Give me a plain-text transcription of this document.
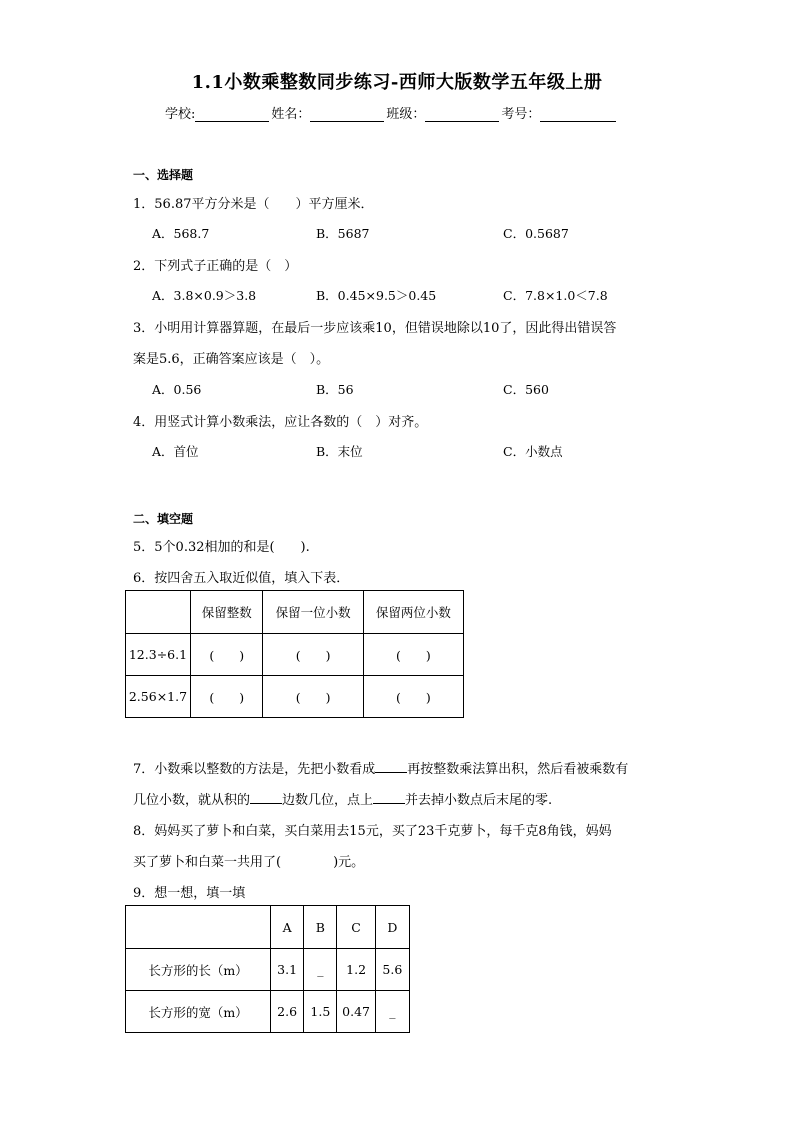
1.1小数乘整数同步练习-西师大版数学五年级上册
学校:	姓名：	班级：	考号：
一、选择题
1．56.87平方分米是（　　）平方厘米．
A．568.7	B．5687	C．0.5687
2．下列式子正确的是（　）
A．3.8×0.9＞3.8	B．0.45×9.5＞0.45	C．7.8×1.0＜7.8
3．小明用计算器算题，在最后一步应该乘10，但错误地除以10了，因此得出错误答
案是5.6，正确答案应该是（　）。
A．0.56	B．56	C．560
4．用竖式计算小数乘法，应让各数的（　）对齐。
A．首位	B．末位	C．小数点
二、填空题
5．5个0.32相加的和是(　　).
6．按四舍五入取近似值，填入下表．
	保留整数	保留一位小数	保留两位小数
12.3÷6.1	(　　)	(　　)	(　　)
2.56×1.7	(　　)	(　　)	(　　)
7．小数乘以整数的方法是，先把小数看成 再按整数乘法算出积，然后看被乘数有
几位小数，就从积的 边数几位，点上 并去掉小数点后末尾的零.
8．妈妈买了萝卜和白菜，买白菜用去15元，买了23千克萝卜，每千克8角钱，妈妈
买了萝卜和白菜一共用了(　　　　)元。
9．想一想，填一填
	A	B	C	D
长方形的长（m）	3.1	_	1.2	5.6
长方形的宽（m）	2.6	1.5	0.47	_
